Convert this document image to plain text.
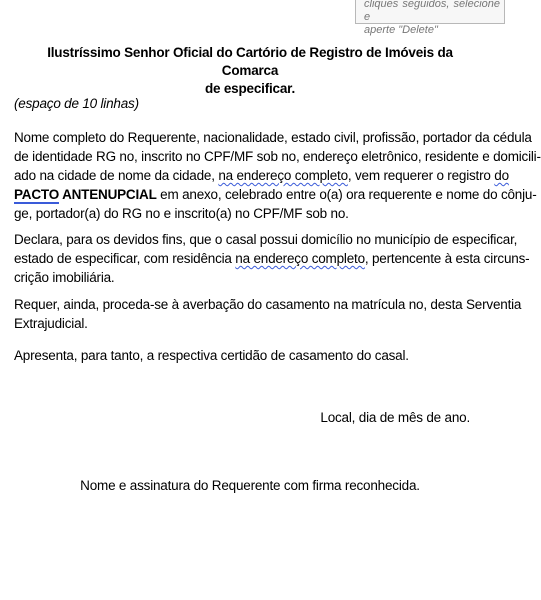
cliques seguidos, selecione e
aperte "Delete"
Ilustríssimo Senhor Oficial do Cartório de Registro de Imóveis da Comarca
de especificar.
(espaço de 10 linhas)
Nome completo do Requerente, nacionalidade, estado civil, profissão, portador da cédula
de identidade RG no, inscrito no CPF/MF sob no, endereço eletrônico, residente e domicili-
ado na cidade de nome da cidade, na endereço completo, vem requerer o registro do
PACTO ANTENUPCIAL em anexo, celebrado entre o(a) ora requerente e nome do cônju-
ge, portador(a) do RG no e inscrito(a) no CPF/MF sob no.
Declara, para os devidos fins, que o casal possui domicílio no município de especificar,
estado de especificar, com residência na endereço completo, pertencente à esta circuns-
crição imobiliária.
Requer, ainda, proceda-se à averbação do casamento na matrícula no, desta Serventia
Extrajudicial.
Apresenta, para tanto, a respectiva certidão de casamento do casal.
Local, dia de mês de ano.
Nome e assinatura do Requerente com firma reconhecida.
